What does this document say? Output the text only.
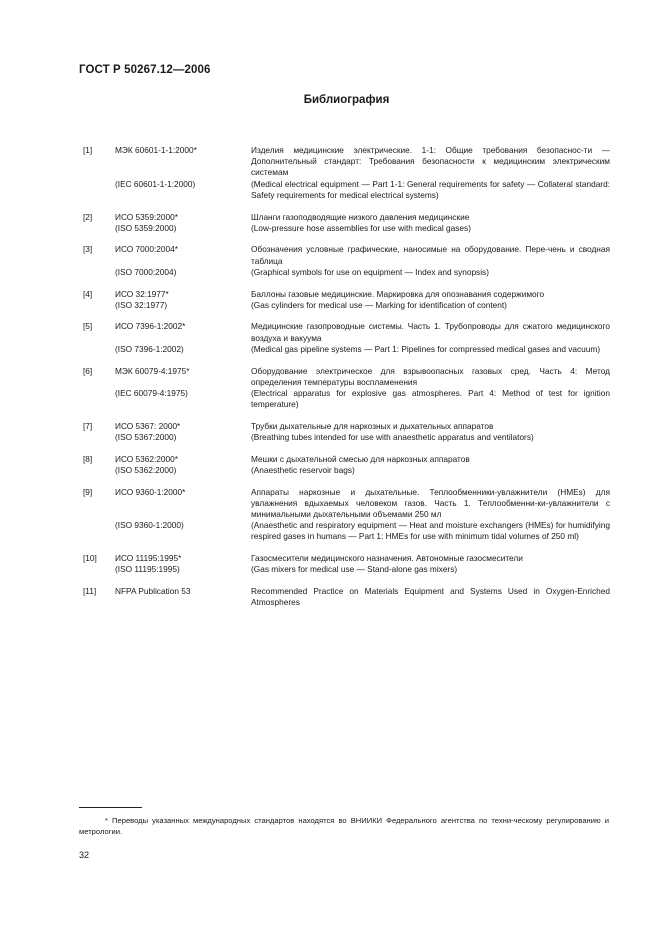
ГОСТ Р 50267.12—2006
Библиография
[1]	МЭК 60601-1-1:2000*	Изделия медицинские электрические. 1-1: Общие требования безопаснос-ти — Дополнительный стандарт: Требования безопасности к медицинским электрическим системам
(IEC 60601-1-1:2000)	(Medical electrical equipment — Part 1-1: General requirements for safety — Collateral standard: Safety requirements for medical electrical systems)
[2]	ИСО 5359:2000*	Шланги газоподводящие низкого давления медицинские
(ISO 5359:2000)	(Low-pressure hose assemblies for use with medical gases)
[3]	ИСО 7000:2004*	Обозначения условные графические, наносимые на оборудование. Пере-чень и сводная таблица
(ISO 7000:2004)	(Graphical symbols for use on equipment — Index and synopsis)
[4]	ИСО 32:1977*	Баллоны газовые медицинские. Маркировка для опознавания содержимого
(ISO 32:1977)	(Gas cylinders for medical use — Marking for identification of content)
[5]	ИСО 7396-1:2002*	Медицинские газопроводные системы. Часть 1. Трубопроводы для сжатого медицинского воздуха и вакуума
(ISO 7396-1:2002)	(Medical gas pipeline systems — Part 1: Pipelines for compressed medical gases and vacuum)
[6]	МЭК 60079-4:1975*	Оборудование электрическое для взрывоопасных газовых сред. Часть 4: Метод определения температуры воспламенения
(IEC 60079-4:1975)	(Electrical apparatus for explosive gas atmospheres. Part 4: Method of test for ignition temperature)
[7]	ИСО 5367: 2000*	Трубки дыхательные для наркозных и дыхательных аппаратов
(ISO 5367:2000)	(Breathing tubes intended for use with anaesthetic apparatus and ventilators)
[8]	ИСО 5362:2000*	Мешки с дыхательной смесью для наркозных аппаратов
(ISO 5362:2000)	(Anaesthetic reservoir bags)
[9]	ИСО 9360-1:2000*	Аппараты наркозные и дыхательные. Теплообменники-увлажнители (HMEs) для увлажнения вдыхаемых человеком газов. Часть 1. Теплообменни-ки-увлажнители с минимальными дыхательными объемами 250 мл
(ISO 9360-1:2000)	(Anaesthetic and respiratory equipment — Heat and moisture exchangers (HMEs) for humidifying respired gases in humans — Part 1: HMEs for use with minimum tidal volumes of 250 ml)
[10]	ИСО 11195:1995*	Газосмесители медицинского назначения. Автономные газосмесители
(ISO 11195:1995)	(Gas mixers for medical use — Stand-alone gas mixers)
[11]	NFPA Publication 53	Recommended Practice on Materials Equipment and Systems Used in Oxygen-Enriched Atmospheres
* Переводы указанных международных стандартов находятся во ВНИИКИ Федерального агентства по техни-ческому регулированию и метрологии.
32
